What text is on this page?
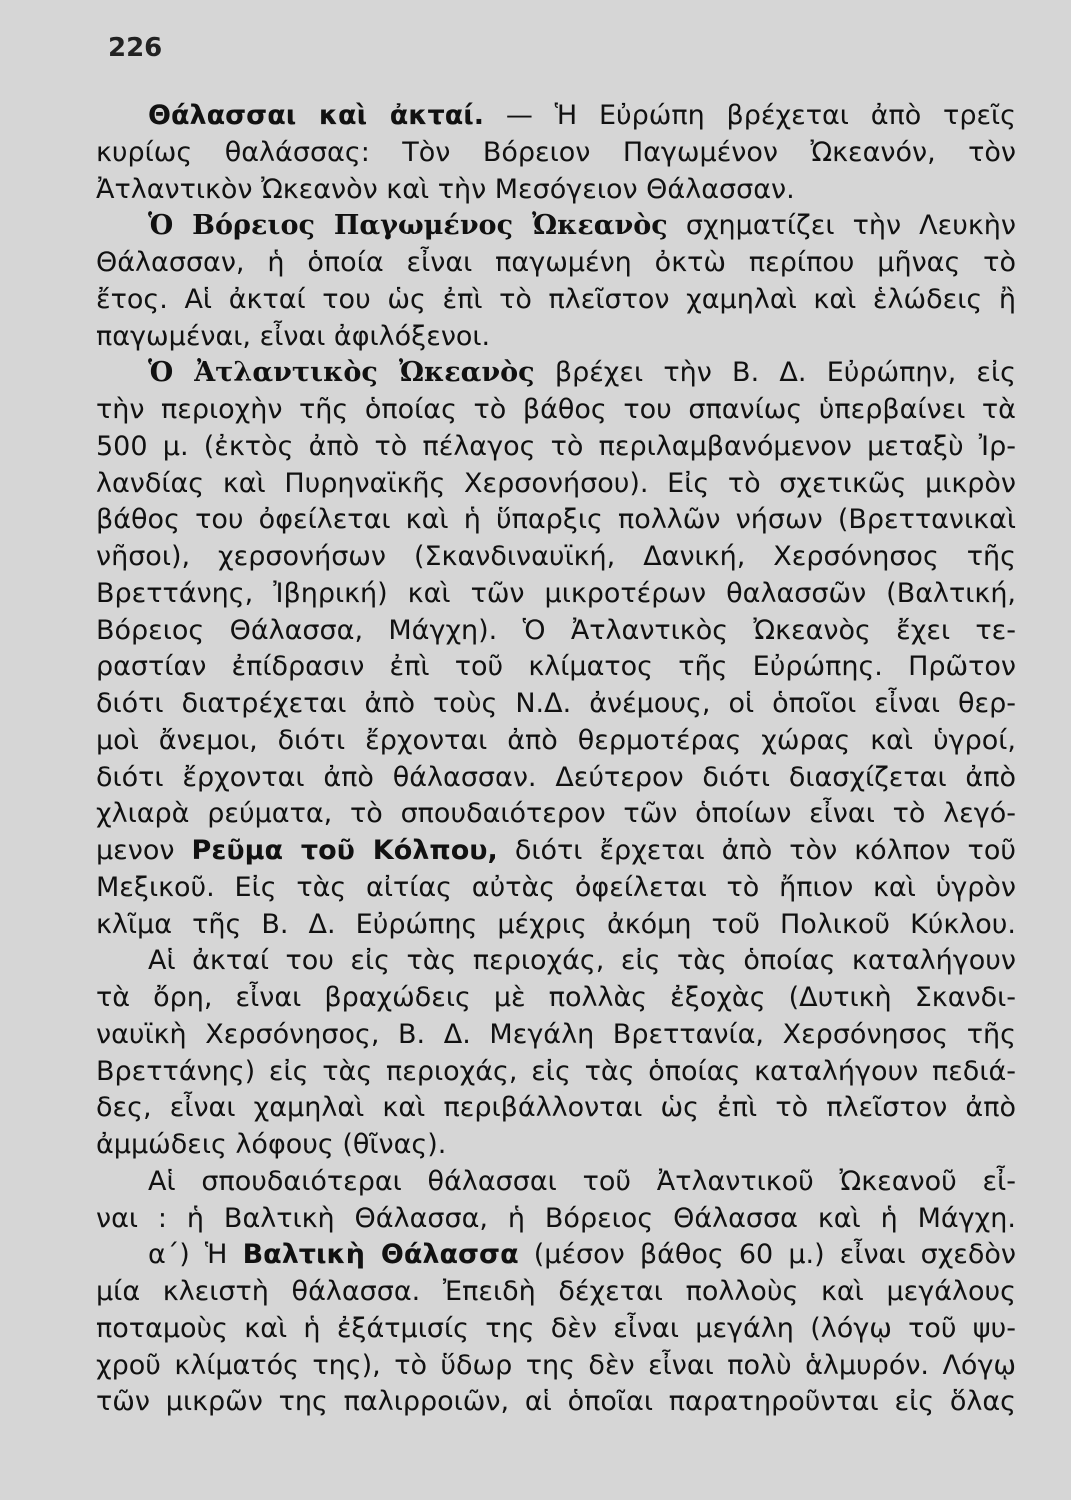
226
Θάλασσαι καὶ ἀκταί. — Ἡ Εὐρώπη βρέχεται ἀπὸ τρεῖς
κυρίως θαλάσσας: Τὸν Βόρειον Παγωμένον Ὠκεανόν, τὸν
Ἀτλαντικὸν Ὠκεανὸν καὶ τὴν Μεσόγειον Θάλασσαν.
Ὁ Βόρειος Παγωμένος Ὠκεανὸς σχηματίζει τὴν Λευκὴν
Θάλασσαν, ἡ ὁποία εἶναι παγωμένη ὀκτὼ περίπου μῆνας τὸ
ἔτος. Αἱ ἀκταί του ὡς ἐπὶ τὸ πλεῖστον χαμηλαὶ καὶ ἑλώδεις ἢ
παγωμέναι, εἶναι ἀφιλόξενοι.
Ὁ Ἀτλαντικὸς Ὠκεανὸς βρέχει τὴν Β. Δ. Εὐρώπην, εἰς
τὴν περιοχὴν τῆς ὁποίας τὸ βάθος του σπανίως ὑπερβαίνει τὰ
500 μ. (ἐκτὸς ἀπὸ τὸ πέλαγος τὸ περιλαμβανόμενον μεταξὺ Ἰρ-
λανδίας καὶ Πυρηναϊκῆς Χερσονήσου). Εἰς τὸ σχετικῶς μικρὸν
βάθος του ὀφείλεται καὶ ἡ ὕπαρξις πολλῶν νήσων (Βρεττανικαὶ
νῆσοι), χερσονήσων (Σκανδιναυϊκή, Δανική, Χερσόνησος τῆς
Βρεττάνης, Ἰβηρική) καὶ τῶν μικροτέρων θαλασσῶν (Βαλτική,
Βόρειος Θάλασσα, Μάγχη). Ὁ Ἀτλαντικὸς Ὠκεανὸς ἔχει τε-
ραστίαν ἐπίδρασιν ἐπὶ τοῦ κλίματος τῆς Εὐρώπης. Πρῶτον
διότι διατρέχεται ἀπὸ τοὺς Ν.Δ. ἀνέμους, οἱ ὁποῖοι εἶναι θερ-
μοὶ ἄνεμοι, διότι ἔρχονται ἀπὸ θερμοτέρας χώρας καὶ ὑγροί,
διότι ἔρχονται ἀπὸ θάλασσαν. Δεύτερον διότι διασχίζεται ἀπὸ
χλιαρὰ ρεύματα, τὸ σπουδαιότερον τῶν ὁποίων εἶναι τὸ λεγό-
μενον Ρεῦμα τοῦ Κόλπου, διότι ἔρχεται ἀπὸ τὸν κόλπον τοῦ
Μεξικοῦ. Εἰς τὰς αἰτίας αὐτὰς ὀφείλεται τὸ ἤπιον καὶ ὑγρὸν
κλῖμα τῆς Β. Δ. Εὐρώπης μέχρις ἀκόμη τοῦ Πολικοῦ Κύκλου.
Αἱ ἀκταί του εἰς τὰς περιοχάς, εἰς τὰς ὁποίας καταλήγουν
τὰ ὄρη, εἶναι βραχώδεις μὲ πολλὰς ἐξοχὰς (Δυτικὴ Σκανδι-
ναυϊκὴ Χερσόνησος, Β. Δ. Μεγάλη Βρεττανία, Χερσόνησος τῆς
Βρεττάνης) εἰς τὰς περιοχάς, εἰς τὰς ὁποίας καταλήγουν πεδιά-
δες, εἶναι χαμηλαὶ καὶ περιβάλλονται ὡς ἐπὶ τὸ πλεῖστον ἀπὸ
ἀμμώδεις λόφους (θῖνας).
Αἱ σπουδαιότεραι θάλασσαι τοῦ Ἀτλαντικοῦ Ὠκεανοῦ εἶ-
ναι : ἡ Βαλτικὴ Θάλασσα, ἡ Βόρειος Θάλασσα καὶ ἡ Μάγχη.
α΄) Ἡ Βαλτικὴ Θάλασσα (μέσον βάθος 60 μ.) εἶναι σχεδὸν
μία κλειστὴ θάλασσα. Ἐπειδὴ δέχεται πολλοὺς καὶ μεγάλους
ποταμοὺς καὶ ἡ ἐξάτμισίς της δὲν εἶναι μεγάλη (λόγῳ τοῦ ψυ-
χροῦ κλίματός της), τὸ ὕδωρ της δὲν εἶναι πολὺ ἁλμυρόν. Λόγῳ
τῶν μικρῶν της παλιρροιῶν, αἱ ὁποῖαι παρατηροῦνται εἰς ὅλας
